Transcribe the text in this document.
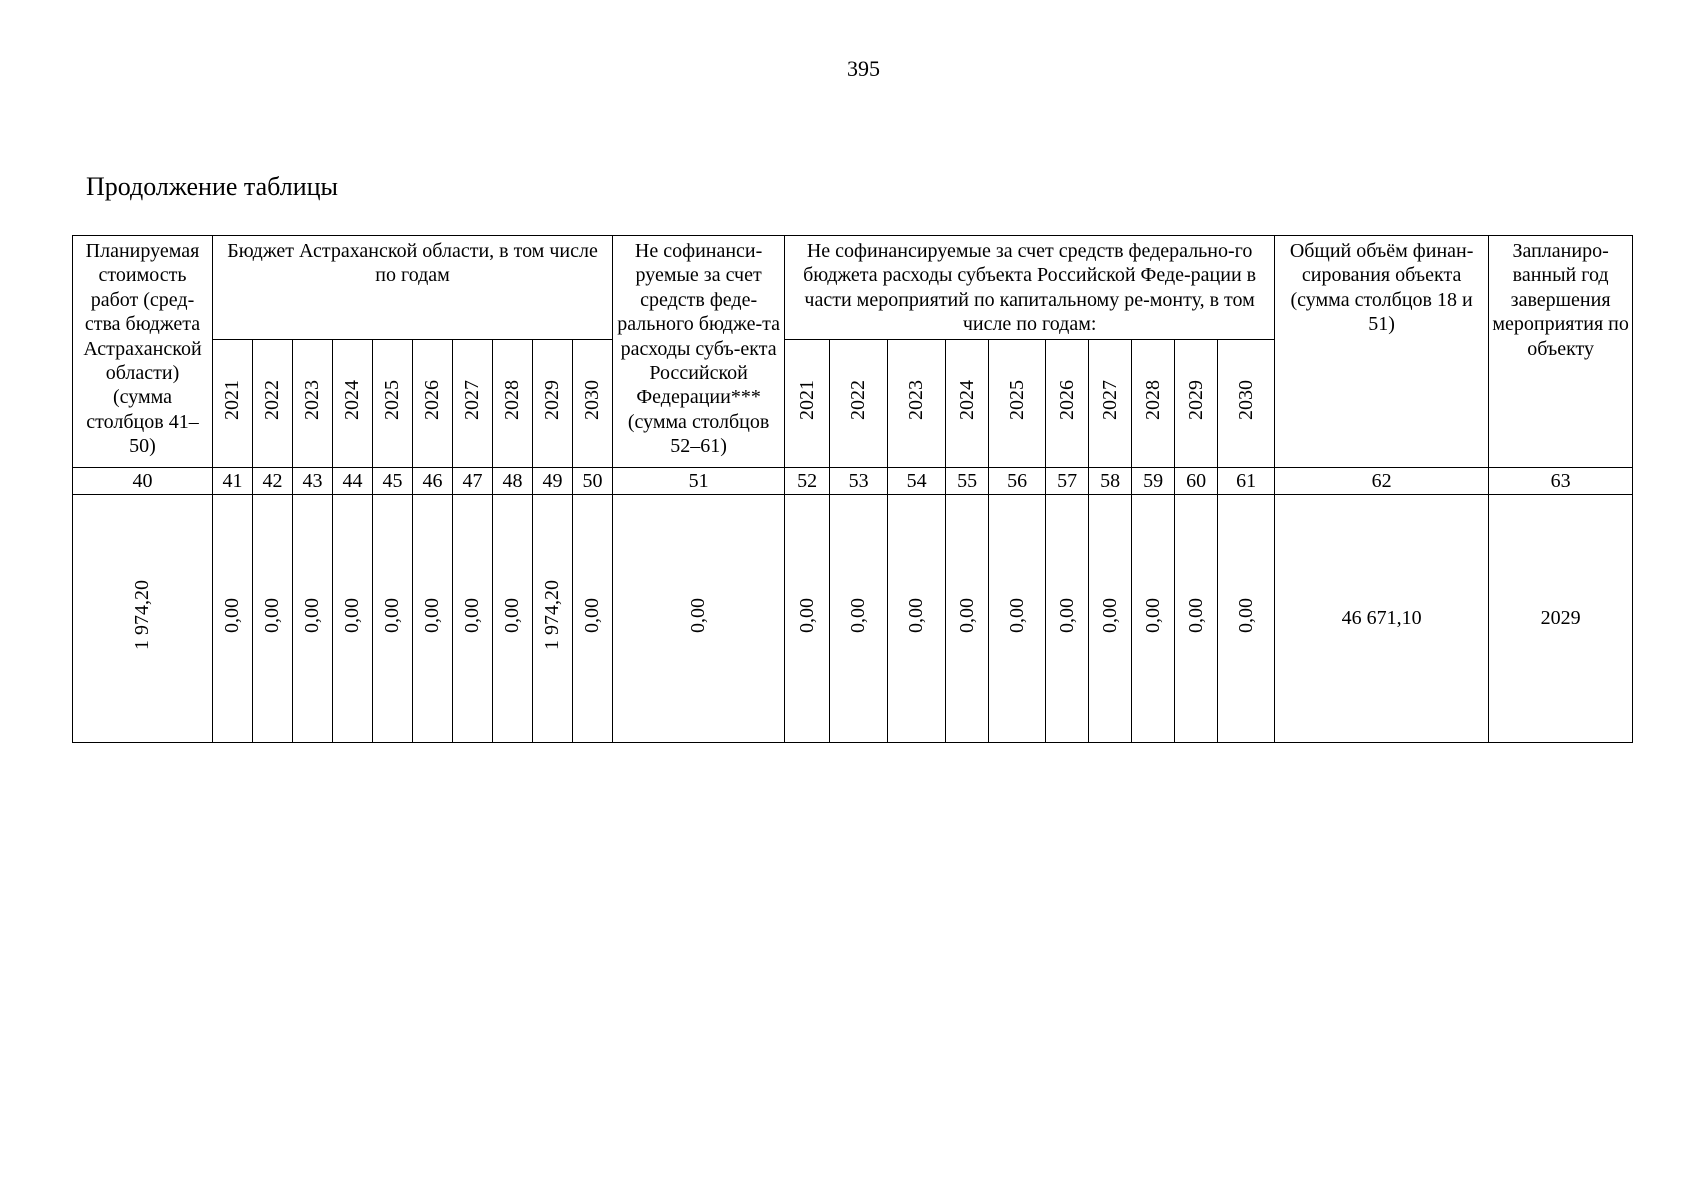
395
Продолжение таблицы
Планируемая стоимость работ (сред-ства бюджета Астраханской области) (сумма столбцов 41–50)	Бюджет Астраханской области, в том числе по годам										Не софинанси-руемые за счет средств феде-рального бюдже-та расходы субъ-екта Российской Федерации*** (сумма столбцов 52–61)	Не софинансируемые за счет средств федерально-го бюджета расходы субъекта Российской Феде-рации в части мероприятий по капитальному ре-монту, в том числе по годам:										Общий объём финан-сирования объекта (сумма столбцов 18 и 51)	Запланиро-ванный год завершения мероприятия по объекту
	2021	2022	2023	2024	2025	2026	2027	2028	2029	2030		2021	2022	2023	2024	2025	2026	2027	2028	2029	2030		
40	41	42	43	44	45	46	47	48	49	50	51	52	53	54	55	56	57	58	59	60	61	62	63
1 974,20	0,00	0,00	0,00	0,00	0,00	0,00	0,00	0,00	1 974,20	0,00	0,00	0,00	0,00	0,00	0,00	0,00	0,00	0,00	0,00	0,00	0,00	46 671,10	2029
